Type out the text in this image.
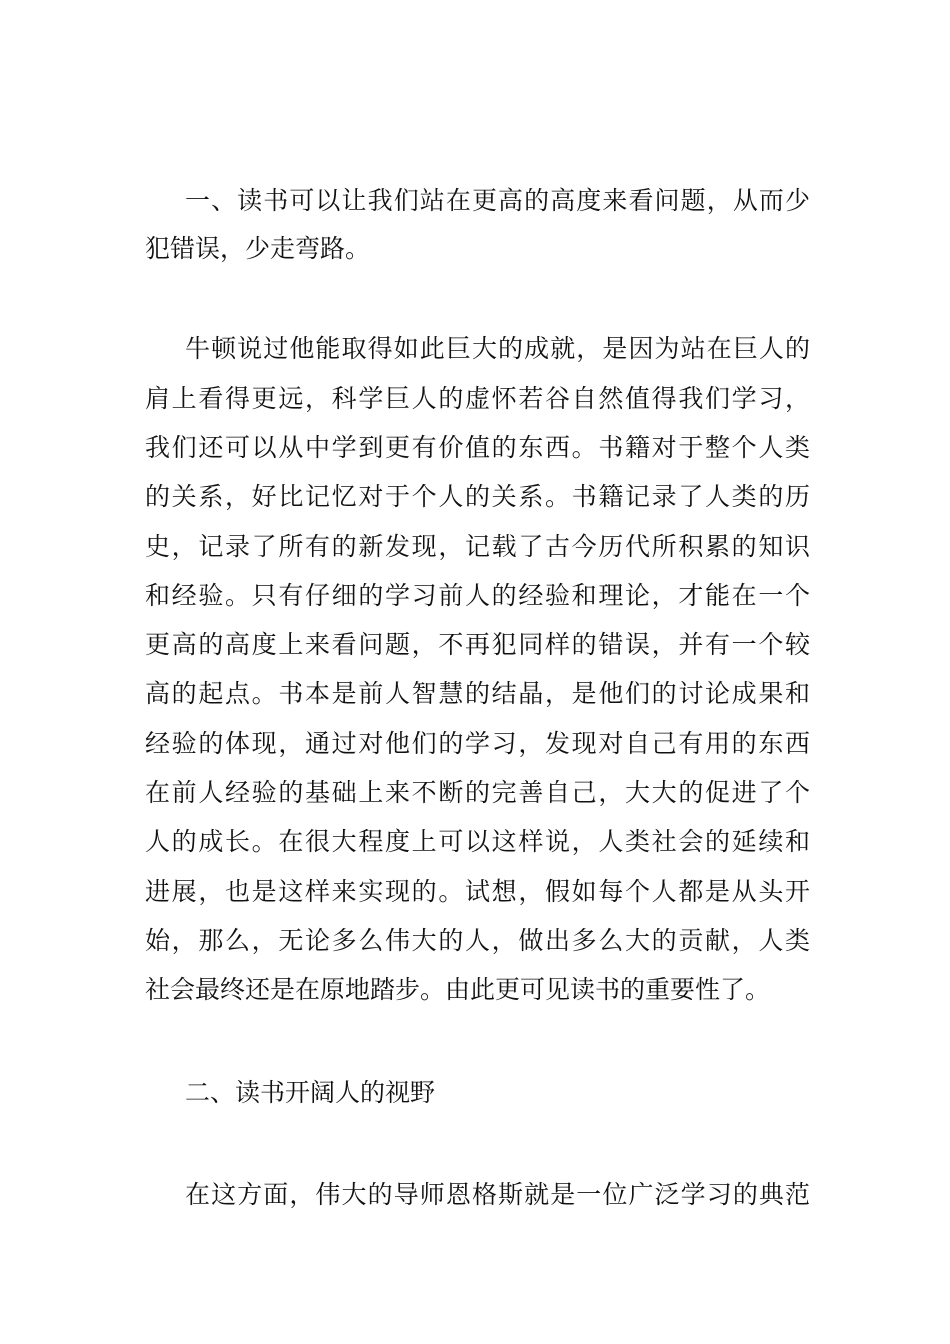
一、读书可以让我们站在更高的高度来看问题，从而少
犯错误，少走弯路。
牛顿说过他能取得如此巨大的成就，是因为站在巨人的
肩上看得更远，科学巨人的虚怀若谷自然值得我们学习，
我们还可以从中学到更有价值的东西。书籍对于整个人类
的关系，好比记忆对于个人的关系。书籍记录了人类的历
史，记录了所有的新发现，记载了古今历代所积累的知识
和经验。只有仔细的学习前人的经验和理论，才能在一个
更高的高度上来看问题，不再犯同样的错误，并有一个较
高的起点。书本是前人智慧的结晶，是他们的讨论成果和
经验的体现，通过对他们的学习，发现对自己有用的东西
在前人经验的基础上来不断的完善自己，大大的促进了个
人的成长。在很大程度上可以这样说，人类社会的延续和
进展，也是这样来实现的。试想，假如每个人都是从头开
始，那么，无论多么伟大的人，做出多么大的贡献，人类
社会最终还是在原地踏步。由此更可见读书的重要性了。
二、读书开阔人的视野
在这方面，伟大的导师恩格斯就是一位广泛学习的典范
